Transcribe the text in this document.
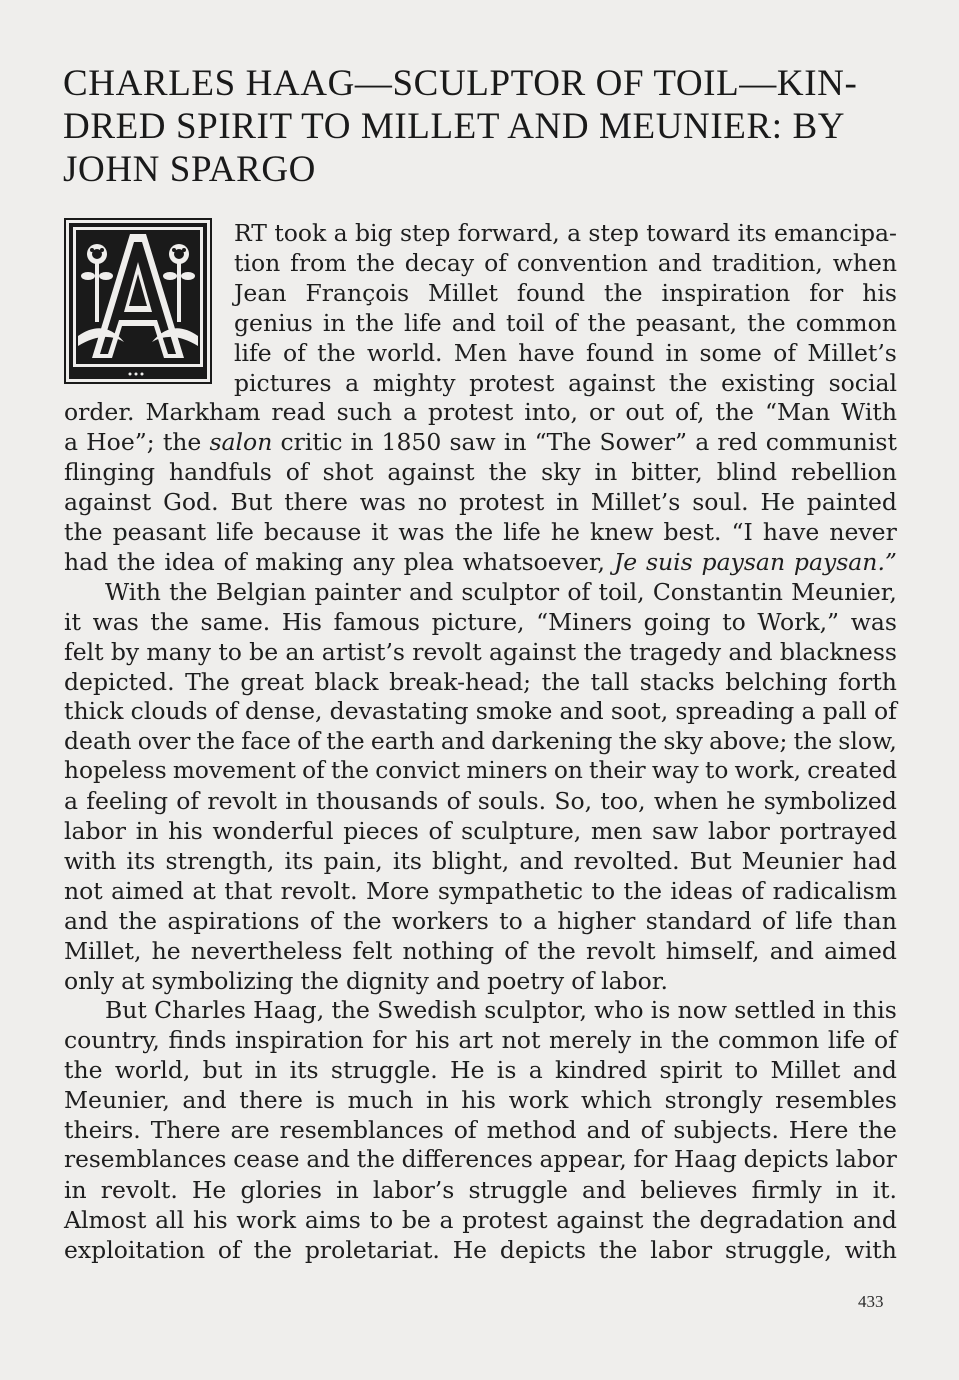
CHARLES HAAG—SCULPTOR OF TOIL—KIN-
DRED SPIRIT TO MILLET AND MEUNIER: BY
JOHN SPARGO
RT took a big step forward, a step toward its emancipa-
tion from the decay of convention and tradition, when
Jean François Millet found the inspiration for his
genius in the life and toil of the peasant, the common
life of the world. Men have found in some of Millet’s
pictures a mighty protest against the existing social
order. Markham read such a protest into, or out of, the “Man With
a Hoe”; the salon critic in 1850 saw in “The Sower” a red communist
flinging handfuls of shot against the sky in bitter, blind rebellion
against God. But there was no protest in Millet’s soul. He painted
the peasant life because it was the life he knew best. “I have never
had the idea of making any plea whatsoever, Je suis paysan paysan.”
With the Belgian painter and sculptor of toil, Constantin Meunier,
it was the same. His famous picture, “Miners going to Work,” was
felt by many to be an artist’s revolt against the tragedy and blackness
depicted. The great black break-head; the tall stacks belching forth
thick clouds of dense, devastating smoke and soot, spreading a pall of
death over the face of the earth and darkening the sky above; the slow,
hopeless movement of the convict miners on their way to work, created
a feeling of revolt in thousands of souls. So, too, when he symbolized
labor in his wonderful pieces of sculpture, men saw labor portrayed
with its strength, its pain, its blight, and revolted. But Meunier had
not aimed at that revolt. More sympathetic to the ideas of radicalism
and the aspirations of the workers to a higher standard of life than
Millet, he nevertheless felt nothing of the revolt himself, and aimed
only at symbolizing the dignity and poetry of labor.
But Charles Haag, the Swedish sculptor, who is now settled in this
country, finds inspiration for his art not merely in the common life of
the world, but in its struggle. He is a kindred spirit to Millet and
Meunier, and there is much in his work which strongly resembles
theirs. There are resemblances of method and of subjects. Here the
resemblances cease and the differences appear, for Haag depicts labor
in revolt. He glories in labor’s struggle and believes firmly in it.
Almost all his work aims to be a protest against the degradation and
exploitation of the proletariat. He depicts the labor struggle, with
433
